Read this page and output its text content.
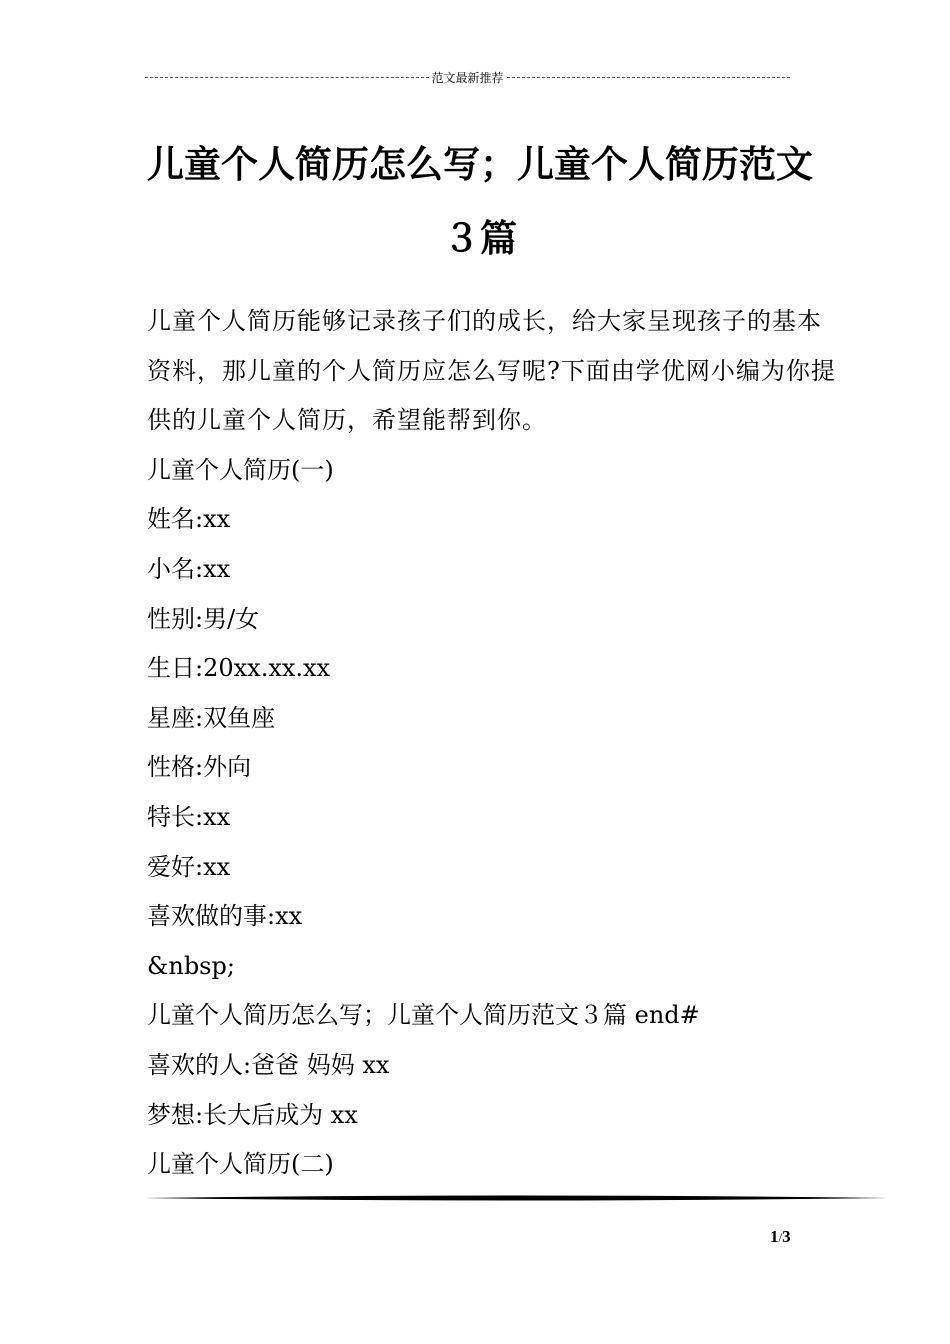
范文最新推荐
儿童个人简历怎么写；儿童个人简历范文３篇

儿童个人简历能够记录孩子们的成长，给大家呈现孩子的基本资料，那儿童的个人简历应怎么写呢?下面由学优网小编为你提供的儿童个人简历，希望能帮到你。

儿童个人简历(一)

姓名:xx

小名:xx

性别:男/女

生日:20xx.xx.xx

星座:双鱼座

性格:外向

特长:xx

爱好:xx

喜欢做的事:xx

&nbsp;

儿童个人简历怎么写；儿童个人简历范文３篇 end#

喜欢的人:爸爸 妈妈 xx

梦想:长大后成为 xx

儿童个人简历(二)

1/3
